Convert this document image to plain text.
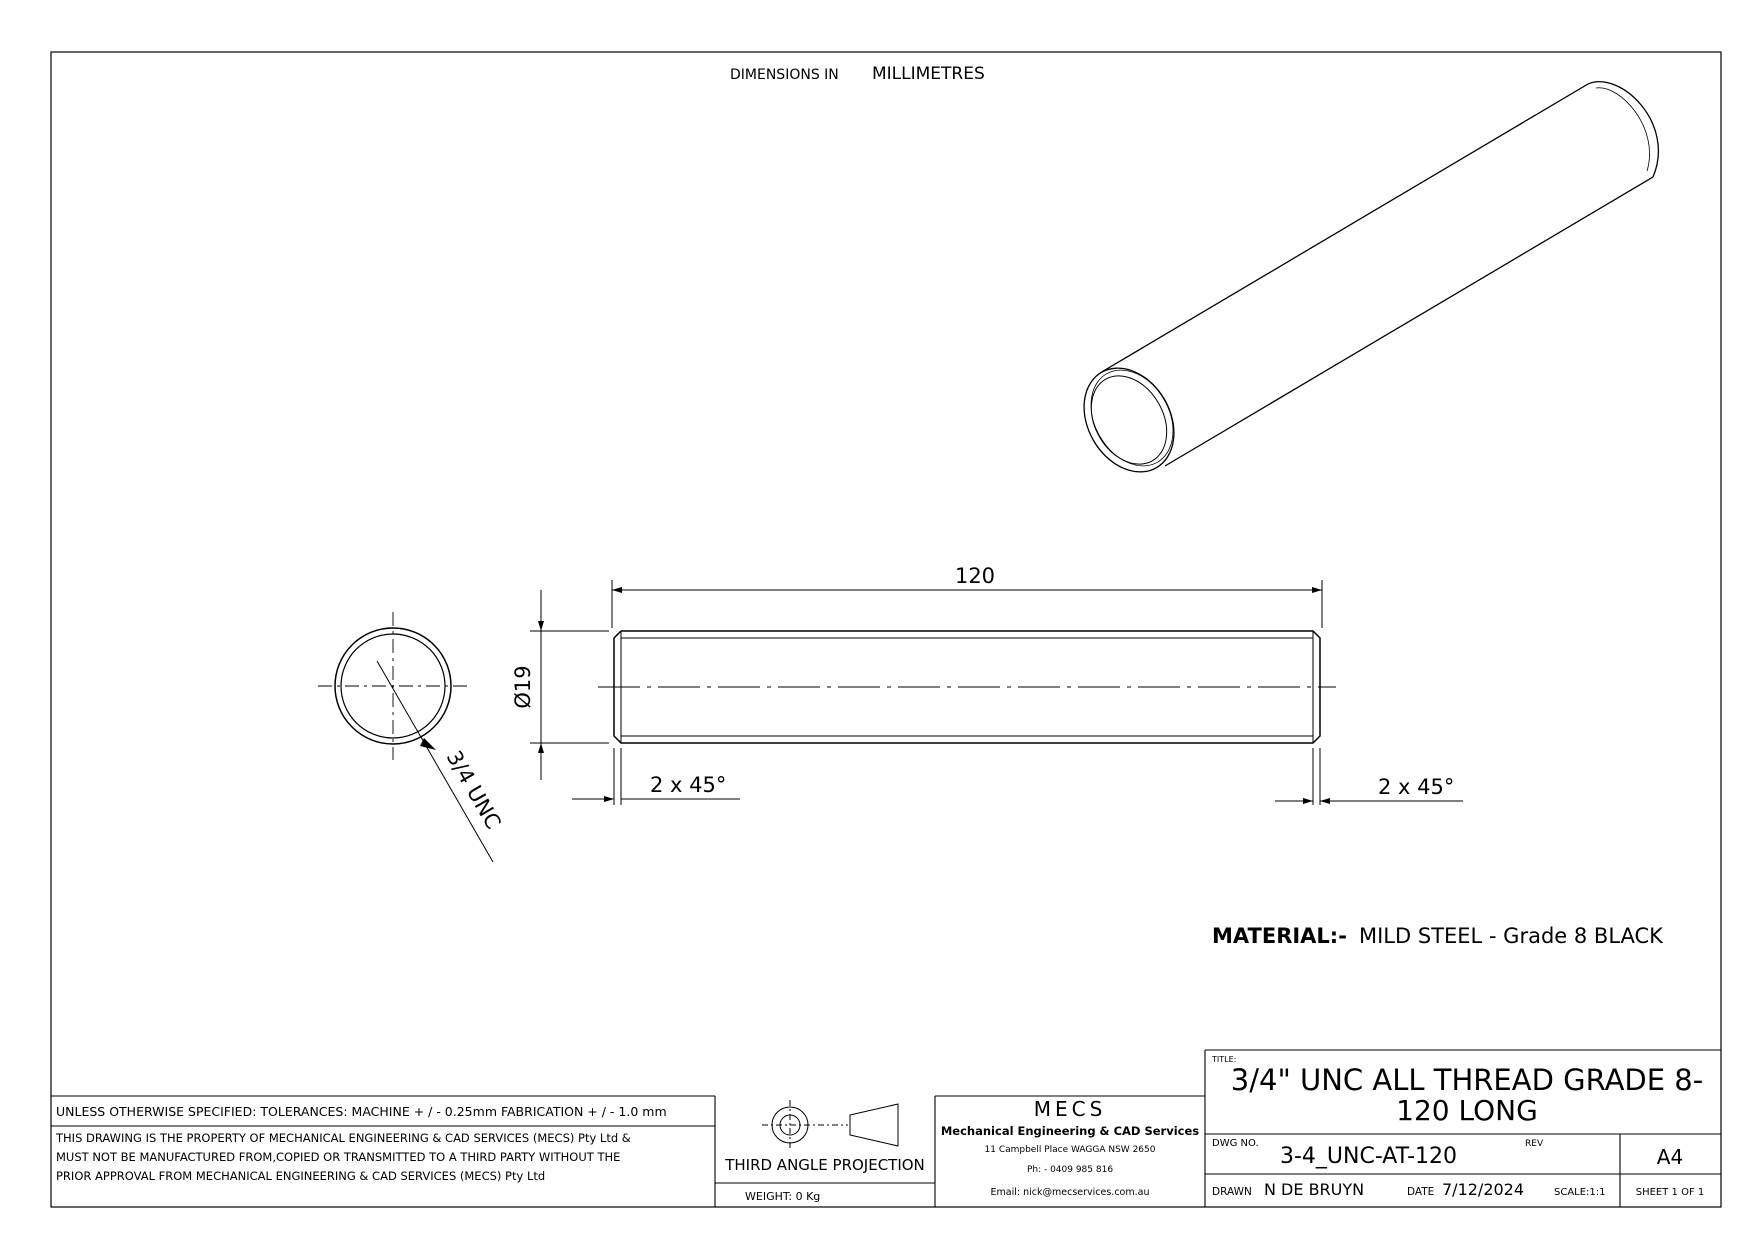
DIMENSIONS IN MILLIMETRES
3/4 UNC
120
Ø19
2 x 45°	2 x 45°
MATERIAL:- MILD STEEL - Grade 8 BLACK
UNLESS OTHERWISE SPECIFIED: TOLERANCES: MACHINE + / - 0.25mm FABRICATION + / - 1.0 mm
THIS DRAWING IS THE PROPERTY OF MECHANICAL ENGINEERING & CAD SERVICES (MECS) Pty Ltd &
MUST NOT BE MANUFACTURED FROM,COPIED OR TRANSMITTED TO A THIRD PARTY WITHOUT THE
PRIOR APPROVAL FROM MECHANICAL ENGINEERING & CAD SERVICES (MECS) Pty Ltd
THIRD ANGLE PROJECTION
WEIGHT: 0 Kg
MECS
Mechanical Engineering & CAD Services
11 Campbell Place WAGGA NSW 2650
Ph: - 0409 985 816
Email: nick@mecservices.com.au
TITLE:
3/4" UNC ALL THREAD GRADE 8-
120 LONG
DWG NO.
3-4_UNC-AT-120	REV
A4
DRAWN N DE BRUYN	DATE 7/12/2024	SCALE:1:1	SHEET 1 OF 1
